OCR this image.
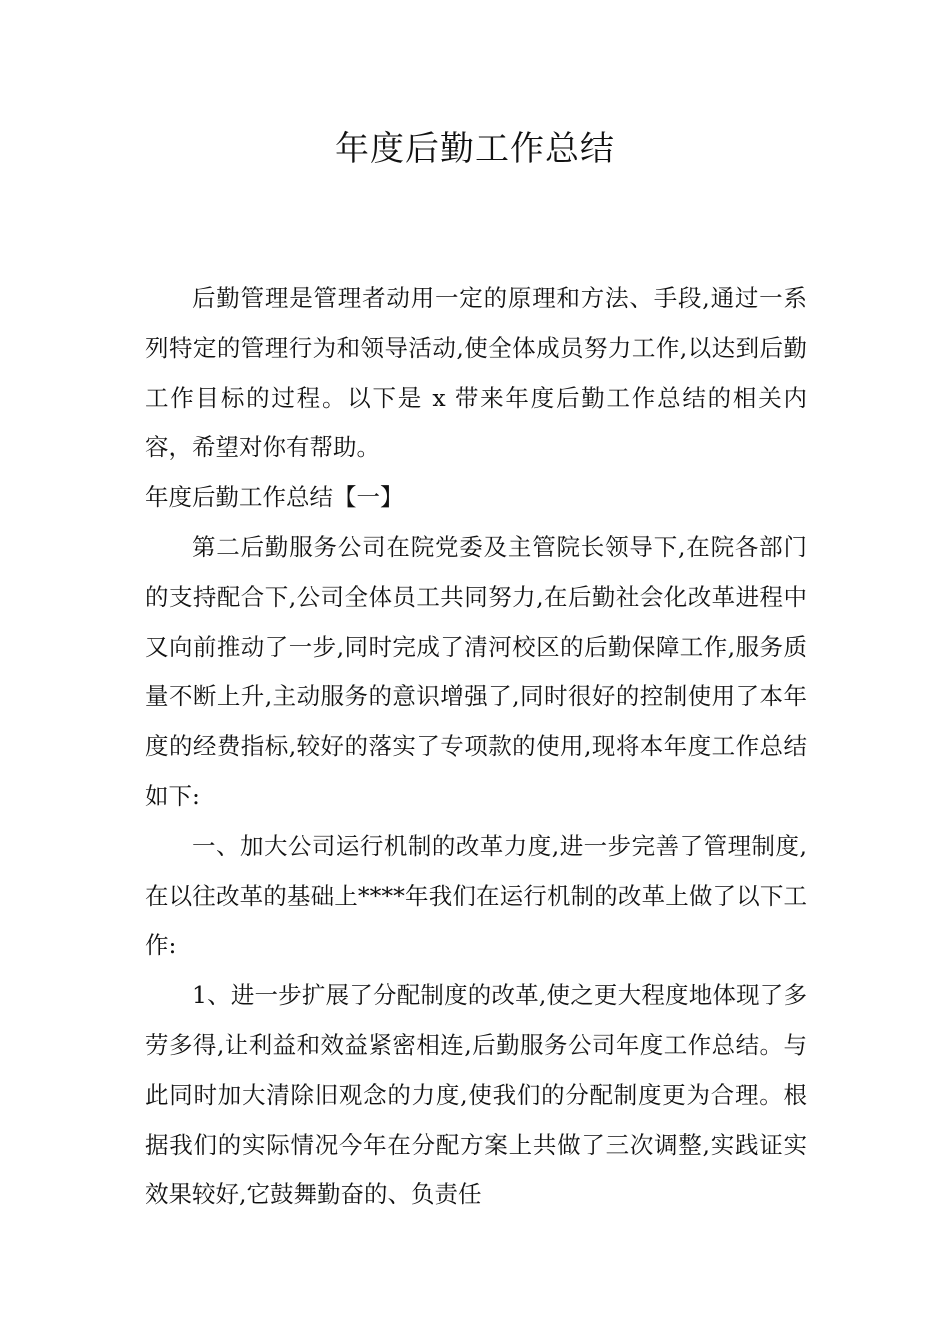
年度后勤工作总结

后勤管理是管理者动用一定的原理和方法、手段,通过一系列特定的管理行为和领导活动,使全体成员努力工作,以达到后勤工作目标的过程。以下是 x 带来年度后勤工作总结的相关内容，希望对你有帮助。

年度后勤工作总结【一】

第二后勤服务公司在院党委及主管院长领导下,在院各部门的支持配合下,公司全体员工共同努力,在后勤社会化改革进程中又向前推动了一步,同时完成了清河校区的后勤保障工作,服务质量不断上升,主动服务的意识增强了,同时很好的控制使用了本年度的经费指标,较好的落实了专项款的使用,现将本年度工作总结如下:

一、加大公司运行机制的改革力度,进一步完善了管理制度,在以往改革的基础上****年我们在运行机制的改革上做了以下工作:

1、进一步扩展了分配制度的改革,使之更大程度地体现了多劳多得,让利益和效益紧密相连,后勤服务公司年度工作总结。与此同时加大清除旧观念的力度,使我们的分配制度更为合理。根据我们的实际情况今年在分配方案上共做了三次调整,实践证实效果较好,它鼓舞勤奋的、负责任
